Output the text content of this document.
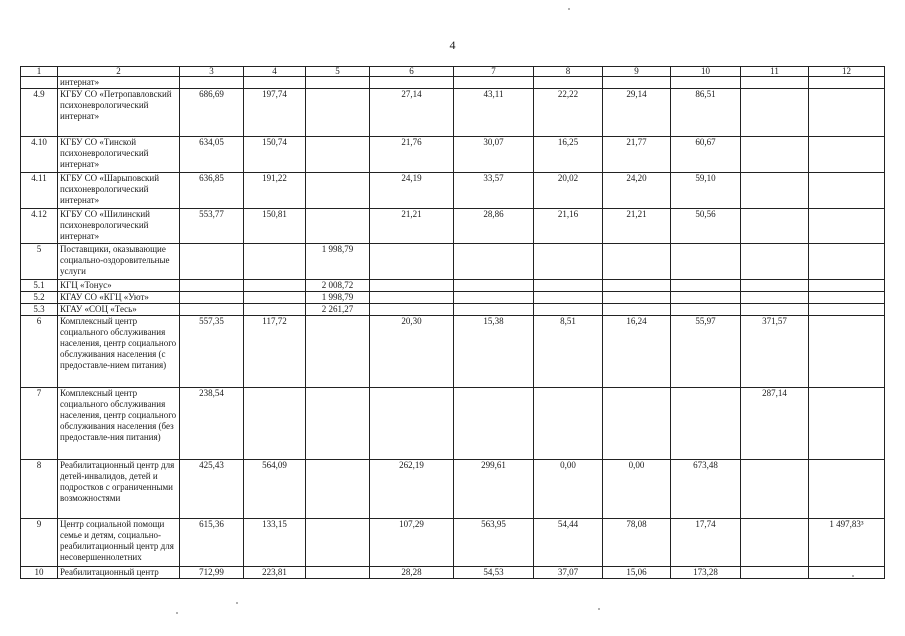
4
1	2	3	4	5	6	7	8	9	10	11	12
	интернат»										
4.9	КГБУ СО «Петропавловский психоневрологический интернат»	686,69	197,74		27,14	43,11	22,22	29,14	86,51		
4.10	КГБУ СО «Тинской психоневрологический интернат»	634,05	150,74		21,76	30,07	16,25	21,77	60,67		
4.11	КГБУ СО «Шарыповский психоневрологический интернат»	636,85	191,22		24,19	33,57	20,02	24,20	59,10		
4.12	КГБУ СО «Шилинский психоневрологический интернат»	553,77	150,81		21,21	28,86	21,16	21,21	50,56		
5	Поставщики, оказывающие социально-оздоровительные услуги			1 998,79							
5.1	КГЦ «Тонус»			2 008,72							
5.2	КГАУ СО «КГЦ «Уют»			1 998,79							
5.3	КГАУ «СОЦ «Тесь»			2 261,27							
6	Комплексный центр социального обслуживания населения, центр социального обслуживания населения (с предоставле-нием питания)	557,35	117,72		20,30	15,38	8,51	16,24	55,97	371,57	
7	Комплексный центр социального обслуживания населения, центр социального обслуживания населения (без предоставле-ния питания)	238,54								287,14	
8	Реабилитационный центр для детей-инвалидов, детей и подростков с ограниченными возможностями	425,43	564,09		262,19	299,61	0,00	0,00	673,48		
9	Центр социальной помощи семье и детям, социально-реабилитационный центр для несовершеннолетних	615,36	133,15		107,29	563,95	54,44	78,08	17,74		1 497,83³
10	Реабилитационный центр	712,99	223,81		28,28	54,53	37,07	15,06	173,28		
